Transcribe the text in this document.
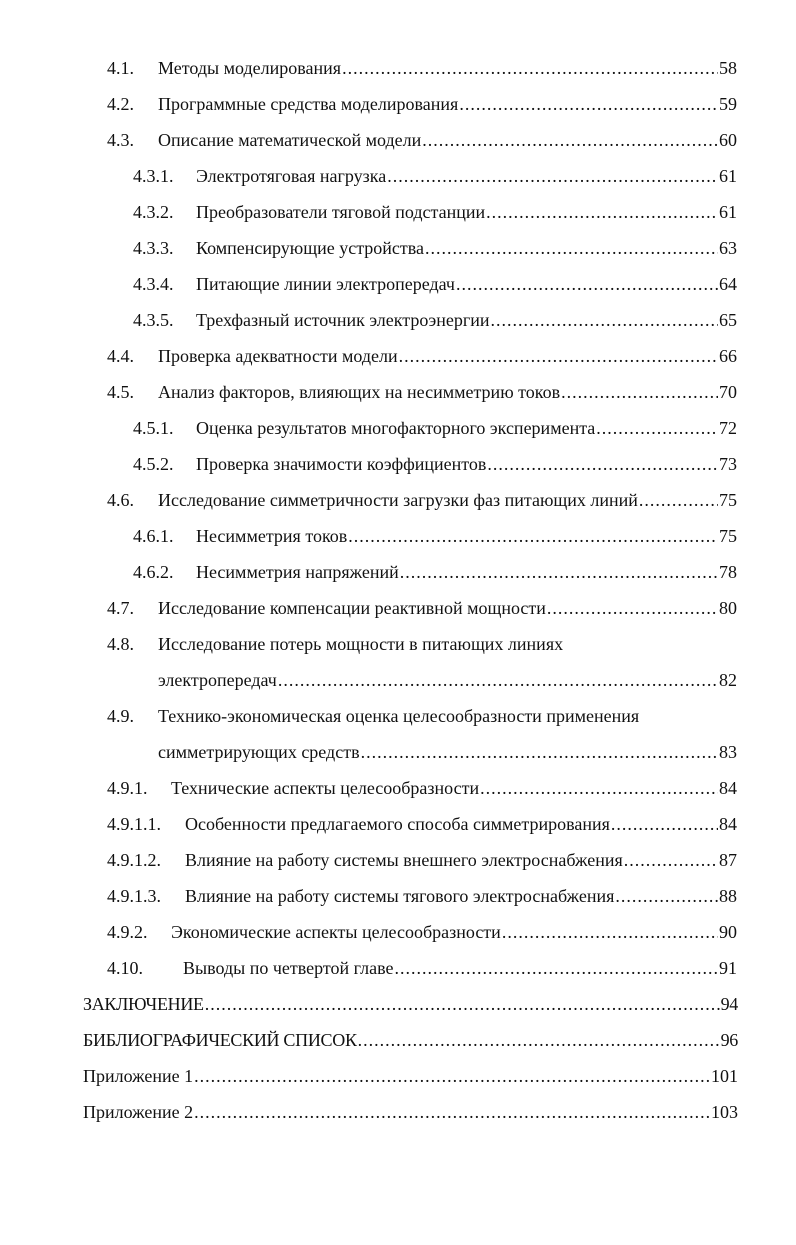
4.1.	Методы моделирования .....	58
4.2.	Программные средства моделирования .....	59
4.3.	Описание математической модели .....	60
4.3.1.	Электротяговая нагрузка .....	61
4.3.2.	Преобразователи тяговой подстанции .....	61
4.3.3.	Компенсирующие устройства .....	63
4.3.4.	Питающие линии электропередач .....	64
4.3.5.	Трехфазный источник электроэнергии .....	65
4.4.	Проверка адекватности модели .....	66
4.5.	Анализ факторов, влияющих на несимметрию токов .....	70
4.5.1.	Оценка результатов многофакторного эксперимента .....	72
4.5.2.	Проверка значимости коэффициентов .....	73
4.6.	Исследование симметричности загрузки фаз питающих линий .....	75
4.6.1.	Несимметрия токов .....	75
4.6.2.	Несимметрия напряжений .....	78
4.7.	Исследование компенсации реактивной мощности .....	80
4.8.	Исследование потерь мощности в питающих линиях
электропередач .....	82
4.9.	Технико-экономическая оценка целесообразности применения
симметрирующих средств .....	83
4.9.1.	Технические аспекты целесообразности .....	84
4.9.1.1.	Особенности предлагаемого способа симметрирования .....	84
4.9.1.2.	Влияние на работу системы внешнего электроснабжения .....	87
4.9.1.3.	Влияние на работу системы тягового электроснабжения .....	88
4.9.2.	Экономические аспекты целесообразности .....	90
4.10.	Выводы по четвертой главе .....	91
ЗАКЛЮЧЕНИЕ .....	94
БИБЛИОГРАФИЧЕСКИЙ СПИСОК .....	96
Приложение 1 .....	101
Приложение 2 .....	103
